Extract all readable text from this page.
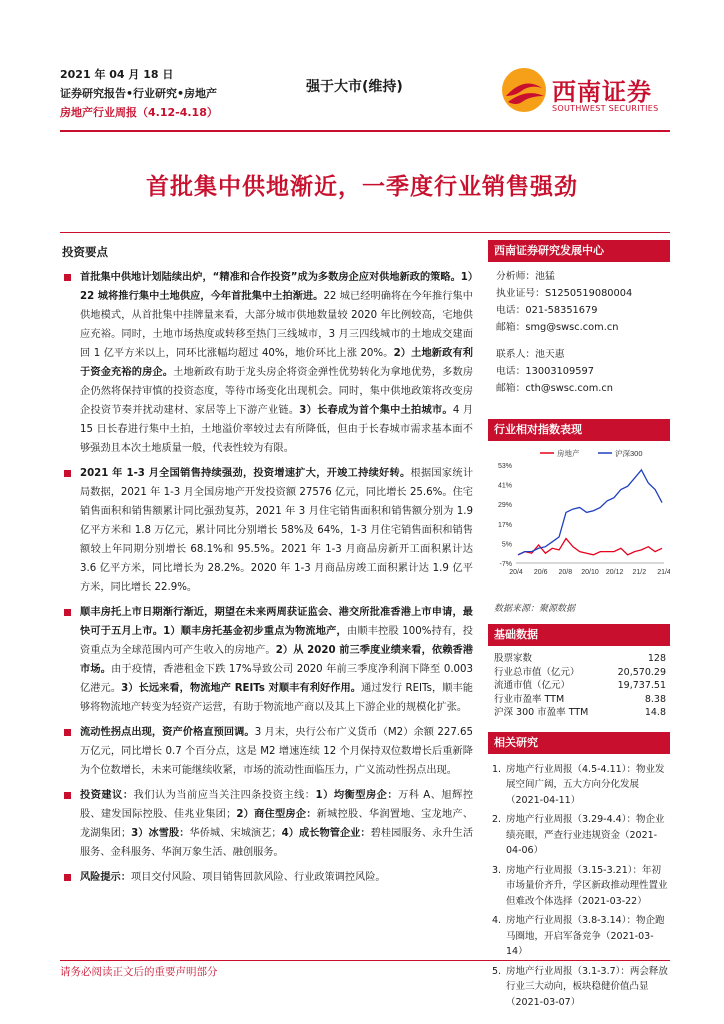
2021 年 04 月 18 日
证券研究报告•行业研究•房地产
房地产行业周报（4.12-4.18）
强于大市(维持)	西南证券
SOUTHWEST SECURITIES
首批集中供地渐近，一季度行业销售强劲
投资要点
首批集中供地计划陆续出炉，“精准和合作投资”成为多数房企应对供地新政的策略。1）22 城将推行集中土地供应，今年首批集中土拍渐进。22 城已经明确将在今年推行集中供地模式，从首批集中挂牌量来看，大部分城市供地数量较 2020 年比例较高，宅地供应充裕。同时，土地市场热度或转移至热门三线城市，3 月三四线城市的土地成交建面回 1 亿平方米以上，同环比涨幅均超过 40%，地价环比上涨 20%。2）土地新政有利于资金充裕的房企。土地新政有助于龙头房企将资金弹性优势转化为拿地优势，多数房企仍然将保持审慎的投资态度，等待市场变化出现机会。同时，集中供地政策将改变房企投资节奏并扰动建材、家居等上下游产业链。3）长春成为首个集中土拍城市。4 月 15 日长春进行集中土拍，土地溢价率较过去有所降低，但由于长春城市需求基本面不够强劲且本次土地质量一般，代表性较为有限。
2021 年 1-3 月全国销售持续强劲，投资增速扩大，开竣工持续好转。根据国家统计局数据，2021 年 1-3 月全国房地产开发投资额 27576 亿元，同比增长 25.6%。住宅销售面积和销售额累计同比强劲复苏，2021 年 3 月住宅销售面积和销售额分别为 1.9 亿平方米和 1.8 万亿元，累计同比分别增长 58%及 64%，1-3 月住宅销售面积和销售额较上年同期分别增长 68.1%和 95.5%。2021 年 1-3 月商品房新开工面积累计达 3.6 亿平方米，同比增长为 28.2%。2020 年 1-3 月商品房竣工面积累计达 1.9 亿平方米，同比增长 22.9%。
顺丰房托上市日期渐行渐近，期望在未来两周获证监会、港交所批准香港上市申请，最快可于五月上市。1）顺丰房托基金初步重点为物流地产，由顺丰控股 100%持有，投资重点为全球范围内可产生收入的房地产。2）从 2020 前三季度业绩来看，依赖香港市场。由于疫情，香港租金下跌 17%导致公司 2020 年前三季度净利润下降至 0.003 亿港元。3）长远来看，物流地产 REITs 对顺丰有利好作用。通过发行 REITs，顺丰能够将物流地产转变为轻资产运营，有助于物流地产商以及其上下游企业的规模化扩张。
流动性拐点出现，资产价格直预回调。3 月末，央行公布广义货币（M2）余额 227.65 万亿元，同比增长 0.7 个百分点，这是 M2 增速连续 12 个月保持双位数增长后重新降为个位数增长，未来可能继续收紧，市场的流动性面临压力，广义流动性拐点出现。
投资建议：我们认为当前应当关注四条投资主线：1）均衡型房企：万科 A、旭辉控股、建发国际控股、佳兆业集团；2）商住型房企：新城控股、华润置地、宝龙地产、龙湖集团；3）冰雪股：华侨城、宋城演艺；4）成长物管企业：碧桂园服务、永升生活服务、金科服务、华润万象生活、融创服务。
风险提示：项目交付风险、项目销售回款风险、行业政策调控风险。
西南证券研究发展中心
分析师：池猛
执业证号：S1250519080004
电话：021-58351679
邮箱：smg@swsc.com.cn
联系人：池天惠
电话：13003109597
邮箱：cth@swsc.com.cn
行业相对指数表现
53%
41%
29%
17%
5%
-7%
20/4 20/6 20/8 20/10 20/12 21/2 21/4
房地产	沪深300
数据来源：聚源数据
基础数据
股票家数	128
行业总市值（亿元）	20,570.29
流通市值（亿元）	19,737.51
行业市盈率 TTM	8.38
沪深 300 市盈率 TTM	14.8
相关研究
1. 房地产行业周报（4.5-4.11）：物业发展空间广阔，五大方向分化发展（2021-04-11）
2. 房地产行业周报（3.29-4.4）：物企业绩亮眼，严查行业违规资金（2021-04-06）
3. 房地产行业周报（3.15-3.21）：年初市场量价齐升，学区新政推动理性置业但难改个体选择（2021-03-22）
4. 房地产行业周报（3.8-3.14）：物企跑马圈地，开启军备竞争（2021-03-14）
5. 房地产行业周报（3.1-3.7）：两会释放行业三大动向，板块稳健价值凸显（2021-03-07）
请务必阅读正文后的重要声明部分
